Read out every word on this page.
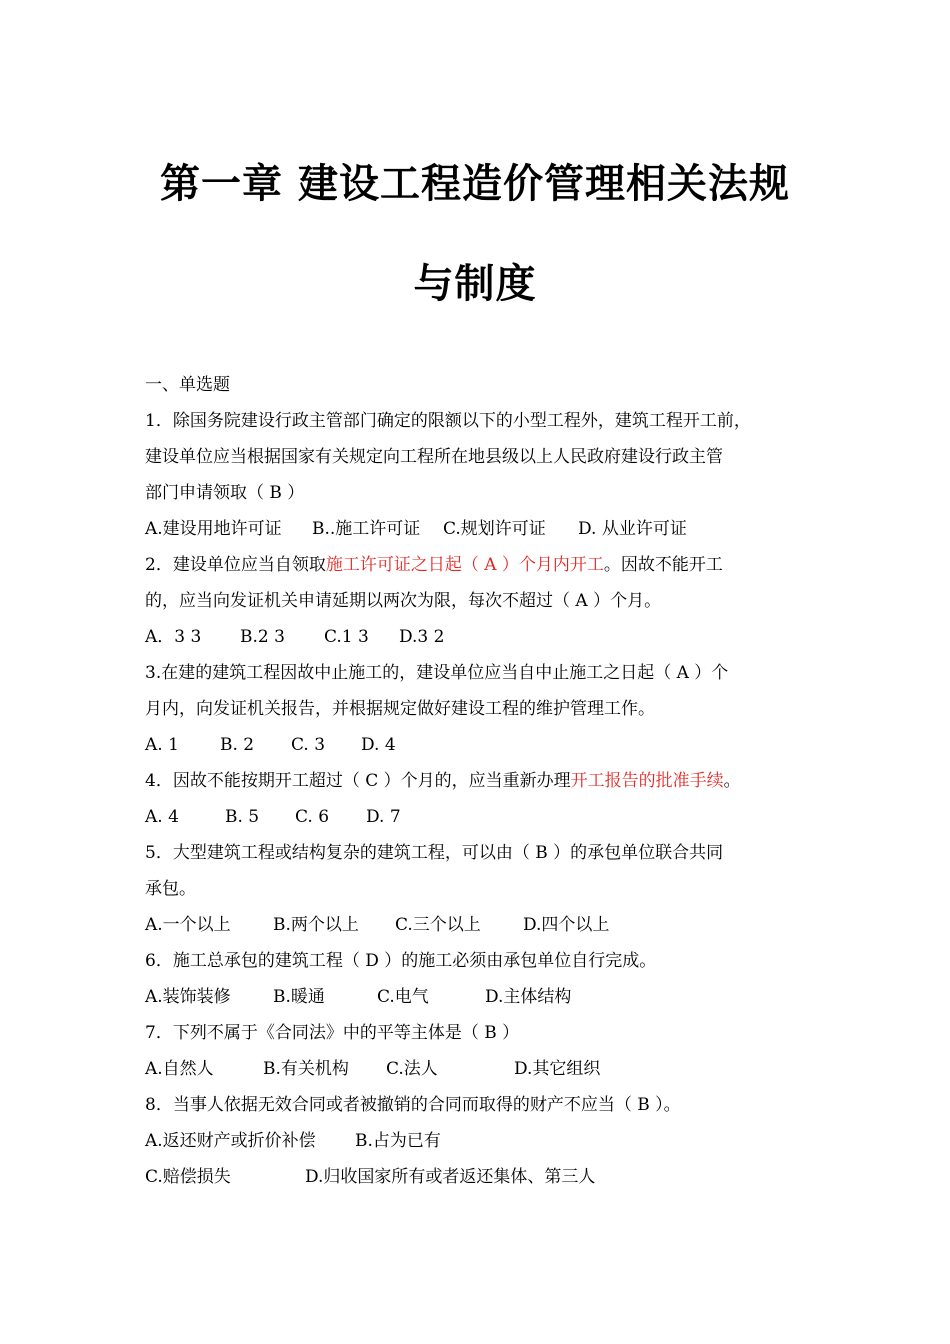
第一章 建设工程造价管理相关法规
与制度
一、单选题
1．除国务院建设行政主管部门确定的限额以下的小型工程外，建筑工程开工前，
建设单位应当根据国家有关规定向工程所在地县级以上人民政府建设行政主管
部门申请领取（ B ）
A.建设用地许可证 B..施工许可证 C.规划许可证 D. 从业许可证
2．建设单位应当自领取施工许可证之日起（ A ）个月内开工。因故不能开工
的，应当向发证机关申请延期以两次为限，每次不超过（ A ）个月。
A．3 3 B.2 3 C.1 3 D.3 2
3.在建的建筑工程因故中止施工的，建设单位应当自中止施工之日起（ A ）个
月内，向发证机关报告，并根据规定做好建设工程的维护管理工作。
A. 1 B. 2 C. 3 D. 4
4．因故不能按期开工超过（ C ）个月的，应当重新办理开工报告的批准手续。
A. 4	B. 5 C. 6 D. 7
5．大型建筑工程或结构复杂的建筑工程，可以由（ B ）的承包单位联合共同
承包。
A.一个以上 B.两个以上 C.三个以上 D.四个以上
6．施工总承包的建筑工程（ D ）的施工必须由承包单位自行完成。
A.装饰装修 B.暖通	C.电气	D.主体结构
7．下列不属于《合同法》中的平等主体是（ B ）
A.自然人	B.有关机构 C.法人	D.其它组织
8．当事人依据无效合同或者被撤销的合同而取得的财产不应当（ B ）。
A.返还财产或折价补偿 B.占为已有
C.赔偿损失	D.归收国家所有或者返还集体、第三人
